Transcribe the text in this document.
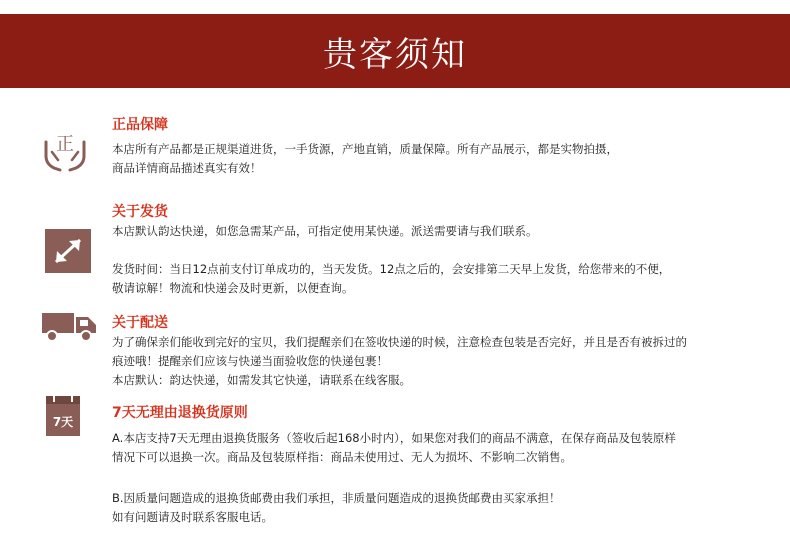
贵客须知
正
正品保障
本店所有产品都是正规渠道进货，一手货源，产地直销，质量保障。所有产品展示，都是实物拍摄，
商品详情商品描述真实有效！
关于发货
本店默认韵达快递，如您急需某产品，可指定使用某快递。派送需要请与我们联系。
发货时间：当日12点前支付订单成功的，当天发货。12点之后的，会安排第二天早上发货，给您带来的不便，
敬请谅解！物流和快递会及时更新，以便查询。
关于配送
为了确保亲们能收到完好的宝贝，我们提醒亲们在签收快递的时候，注意检查包装是否完好，并且是否有被拆过的
痕迹哦！提醒亲们应该与快递当面验收您的快递包裹！
本店默认：韵达快递，如需发其它快递，请联系在线客服。
7天
7天无理由退换货原则
A.本店支持7天无理由退换货服务（签收后起168小时内），如果您对我们的商品不满意，在保存商品及包装原样
情况下可以退换一次。商品及包装原样指：商品未使用过、无人为损坏、不影响二次销售。
B.因质量问题造成的退换货邮费由我们承担，非质量问题造成的退换货邮费由买家承担！
如有问题请及时联系客服电话。
